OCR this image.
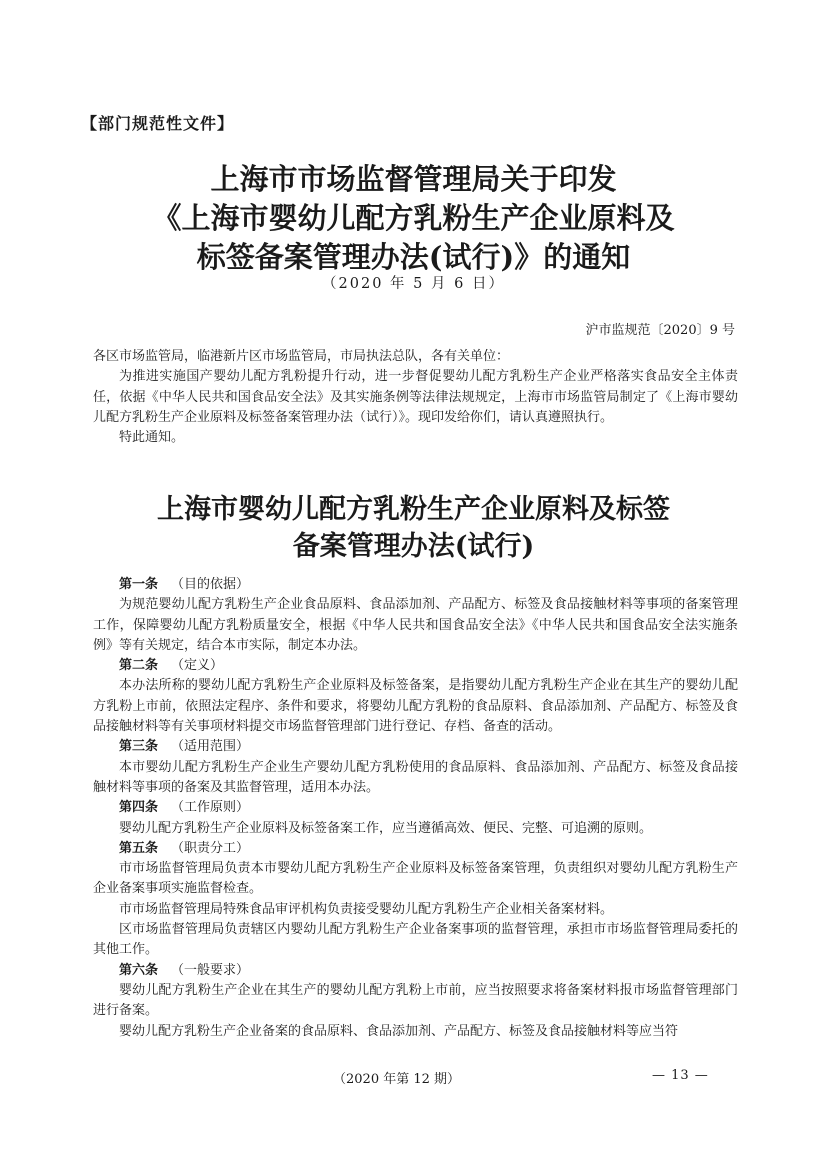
【部门规范性文件】
上海市市场监督管理局关于印发
《上海市婴幼儿配方乳粉生产企业原料及
标签备案管理办法(试行)》的通知
（2020 年 5 月 6 日）
沪市监规范〔2020〕9 号

各区市场监管局，临港新片区市场监管局，市局执法总队，各有关单位：

为推进实施国产婴幼儿配方乳粉提升行动，进一步督促婴幼儿配方乳粉生产企业严格落实食品安全主体责任，依据《中华人民共和国食品安全法》及其实施条例等法律法规规定，上海市市场监管局制定了《上海市婴幼儿配方乳粉生产企业原料及标签备案管理办法（试行）》。现印发给你们，请认真遵照执行。

特此通知。

上海市婴幼儿配方乳粉生产企业原料及标签
备案管理办法(试行)

第一条 （目的依据）

为规范婴幼儿配方乳粉生产企业食品原料、食品添加剂、产品配方、标签及食品接触材料等事项的备案管理工作，保障婴幼儿配方乳粉质量安全，根据《中华人民共和国食品安全法》《中华人民共和国食品安全法实施条例》等有关规定，结合本市实际，制定本办法。

第二条 （定义）

本办法所称的婴幼儿配方乳粉生产企业原料及标签备案，是指婴幼儿配方乳粉生产企业在其生产的婴幼儿配方乳粉上市前，依照法定程序、条件和要求，将婴幼儿配方乳粉的食品原料、食品添加剂、产品配方、标签及食品接触材料等有关事项材料提交市场监督管理部门进行登记、存档、备查的活动。

第三条 （适用范围）

本市婴幼儿配方乳粉生产企业生产婴幼儿配方乳粉使用的食品原料、食品添加剂、产品配方、标签及食品接触材料等事项的备案及其监督管理，适用本办法。

第四条 （工作原则）

婴幼儿配方乳粉生产企业原料及标签备案工作，应当遵循高效、便民、完整、可追溯的原则。

第五条 （职责分工）

市市场监督管理局负责本市婴幼儿配方乳粉生产企业原料及标签备案管理，负责组织对婴幼儿配方乳粉生产企业备案事项实施监督检查。

市市场监督管理局特殊食品审评机构负责接受婴幼儿配方乳粉生产企业相关备案材料。

区市场监督管理局负责辖区内婴幼儿配方乳粉生产企业备案事项的监督管理，承担市市场监督管理局委托的其他工作。

第六条 （一般要求）

婴幼儿配方乳粉生产企业在其生产的婴幼儿配方乳粉上市前，应当按照要求将备案材料报市场监督管理部门进行备案。

婴幼儿配方乳粉生产企业备案的食品原料、食品添加剂、产品配方、标签及食品接触材料等应当符

（2020 年第 12 期）	— 13 —
